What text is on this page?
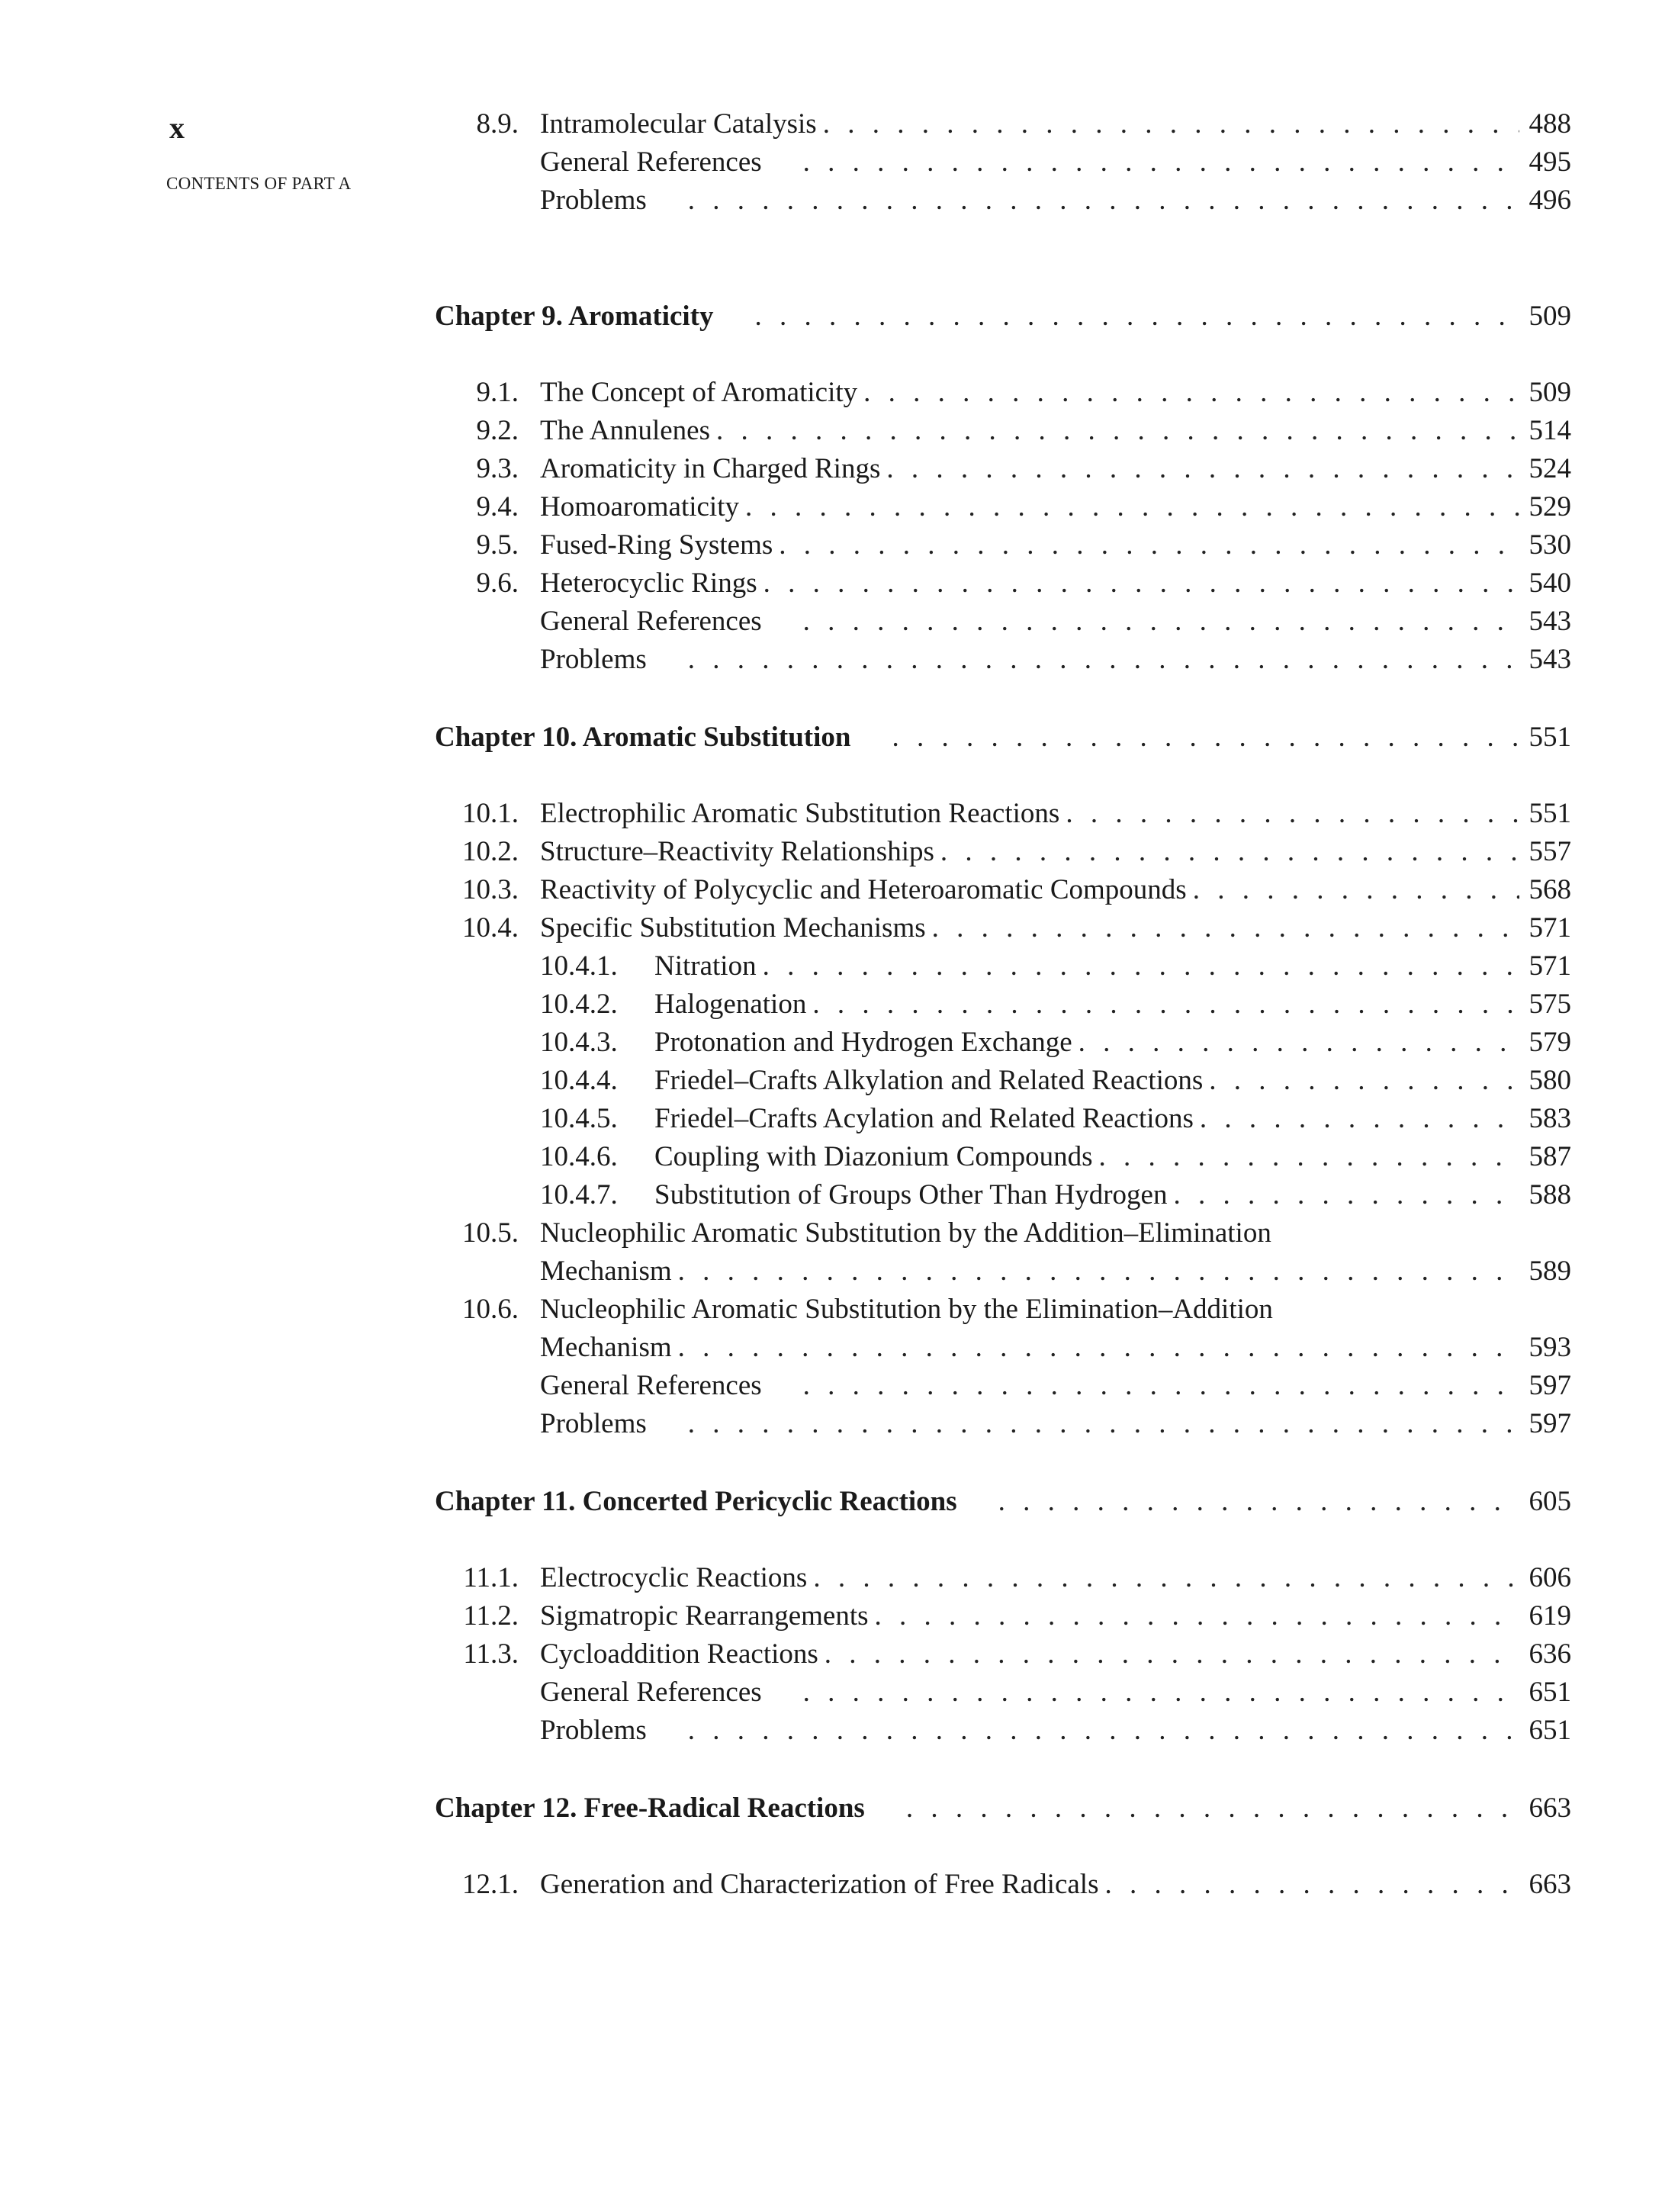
x
CONTENTS OF PART A
8.9. Intramolecular Catalysis . . .	488
General References . . .	495
Problems . . .	496
Chapter 9. Aromaticity . . .	509
9.1. The Concept of Aromaticity . . .	509
9.2. The Annulenes . . .	514
9.3. Aromaticity in Charged Rings . . .	524
9.4. Homoaromaticity . . .	529
9.5. Fused-Ring Systems . . .	530
9.6. Heterocyclic Rings . . .	540
General References . . .	543
Problems . . .	543
Chapter 10. Aromatic Substitution . . .	551
10.1. Electrophilic Aromatic Substitution Reactions . . .	551
10.2. Structure–Reactivity Relationships . . .	557
10.3. Reactivity of Polycyclic and Heteroaromatic Compounds . . .	568
10.4. Specific Substitution Mechanisms . . .	571
10.4.1.	Nitration . . .	571
10.4.2.	Halogenation . . .	575
10.4.3.	Protonation and Hydrogen Exchange . . .	579
10.4.4.	Friedel–Crafts Alkylation and Related Reactions . . .	580
10.4.5.	Friedel–Crafts Acylation and Related Reactions . . .	583
10.4.6.	Coupling with Diazonium Compounds . . .	587
10.4.7.	Substitution of Groups Other Than Hydrogen . . .	588
10.5. Nucleophilic Aromatic Substitution by the Addition–Elimination
Mechanism . . .	589
10.6. Nucleophilic Aromatic Substitution by the Elimination–Addition
Mechanism . . .	593
General References . . .	597
Problems . . .	597
Chapter 11. Concerted Pericyclic Reactions . . .	605
11.1. Electrocyclic Reactions . . .	606
11.2. Sigmatropic Rearrangements . . .	619
11.3. Cycloaddition Reactions . . .	636
General References . . .	651
Problems . . .	651
Chapter 12. Free-Radical Reactions . . .	663
12.1. Generation and Characterization of Free Radicals . . .	663
